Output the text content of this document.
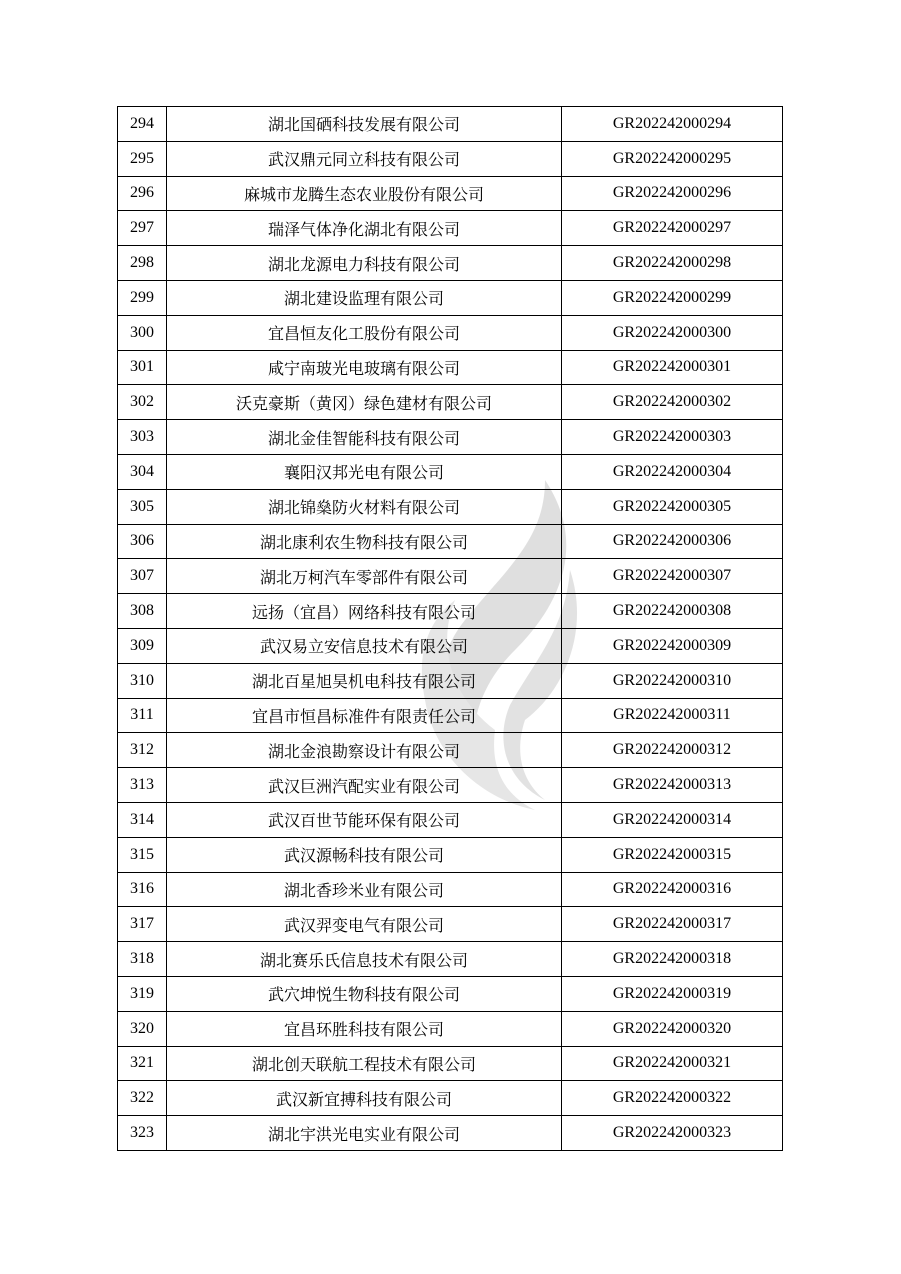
294	湖北国硒科技发展有限公司	GR202242000294
295	武汉鼎元同立科技有限公司	GR202242000295
296	麻城市龙腾生态农业股份有限公司	GR202242000296
297	瑞泽气体净化湖北有限公司	GR202242000297
298	湖北龙源电力科技有限公司	GR202242000298
299	湖北建设监理有限公司	GR202242000299
300	宜昌恒友化工股份有限公司	GR202242000300
301	咸宁南玻光电玻璃有限公司	GR202242000301
302	沃克豪斯（黄冈）绿色建材有限公司	GR202242000302
303	湖北金佳智能科技有限公司	GR202242000303
304	襄阳汉邦光电有限公司	GR202242000304
305	湖北锦燊防火材料有限公司	GR202242000305
306	湖北康利农生物科技有限公司	GR202242000306
307	湖北万柯汽车零部件有限公司	GR202242000307
308	远扬（宜昌）网络科技有限公司	GR202242000308
309	武汉易立安信息技术有限公司	GR202242000309
310	湖北百星旭昊机电科技有限公司	GR202242000310
311	宜昌市恒昌标准件有限责任公司	GR202242000311
312	湖北金浪勘察设计有限公司	GR202242000312
313	武汉巨洲汽配实业有限公司	GR202242000313
314	武汉百世节能环保有限公司	GR202242000314
315	武汉源畅科技有限公司	GR202242000315
316	湖北香珍米业有限公司	GR202242000316
317	武汉羿变电气有限公司	GR202242000317
318	湖北赛乐氏信息技术有限公司	GR202242000318
319	武穴坤悦生物科技有限公司	GR202242000319
320	宜昌环胜科技有限公司	GR202242000320
321	湖北创天联航工程技术有限公司	GR202242000321
322	武汉新宜搏科技有限公司	GR202242000322
323	湖北宇洪光电实业有限公司	GR202242000323
